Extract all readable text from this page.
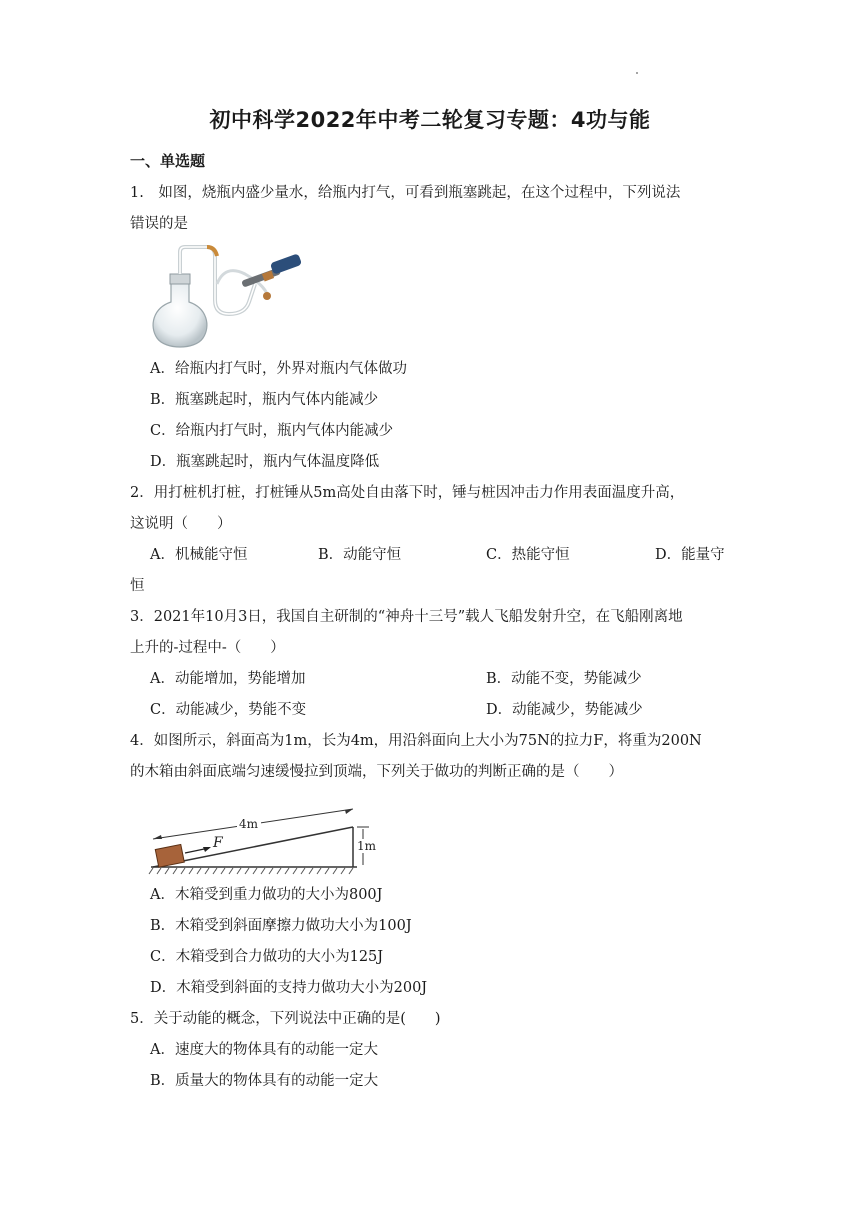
初中科学2022年中考二轮复习专题：4功与能
一、单选题
1.　如图，烧瓶内盛少量水，给瓶内打气，可看到瓶塞跳起，在这个过程中，下列说法
错误的是
A．给瓶内打气时，外界对瓶内气体做功
B．瓶塞跳起时，瓶内气体内能减少
C．给瓶内打气时，瓶内气体内能减少
D．瓶塞跳起时，瓶内气体温度降低
2．用打桩机打桩，打桩锤从5m高处自由落下时，锤与桩因冲击力作用表面温度升高，
这说明（　　）
A．机械能守恒	B．动能守恒	C．热能守恒	D．能量守
恒
3．2021年10月3日，我国自主研制的“神舟十三号”载人飞船发射升空，在飞船刚离地
上升的-过程中-（　　）
A．动能增加，势能增加	B．动能不变，势能减少
C．动能减少，势能不变	D．动能减少，势能减少
4．如图所示，斜面高为1m，长为4m，用沿斜面向上大小为75N的拉力F，将重为200N
的木箱由斜面底端匀速缓慢拉到顶端，下列关于做功的判断正确的是（　　）
4m
1m
F
A．木箱受到重力做功的大小为800J
B．木箱受到斜面摩擦力做功大小为100J
C．木箱受到合力做功的大小为125J
D．木箱受到斜面的支持力做功大小为200J
5．关于动能的概念，下列说法中正确的是(　　)
A．速度大的物体具有的动能一定大
B．质量大的物体具有的动能一定大
